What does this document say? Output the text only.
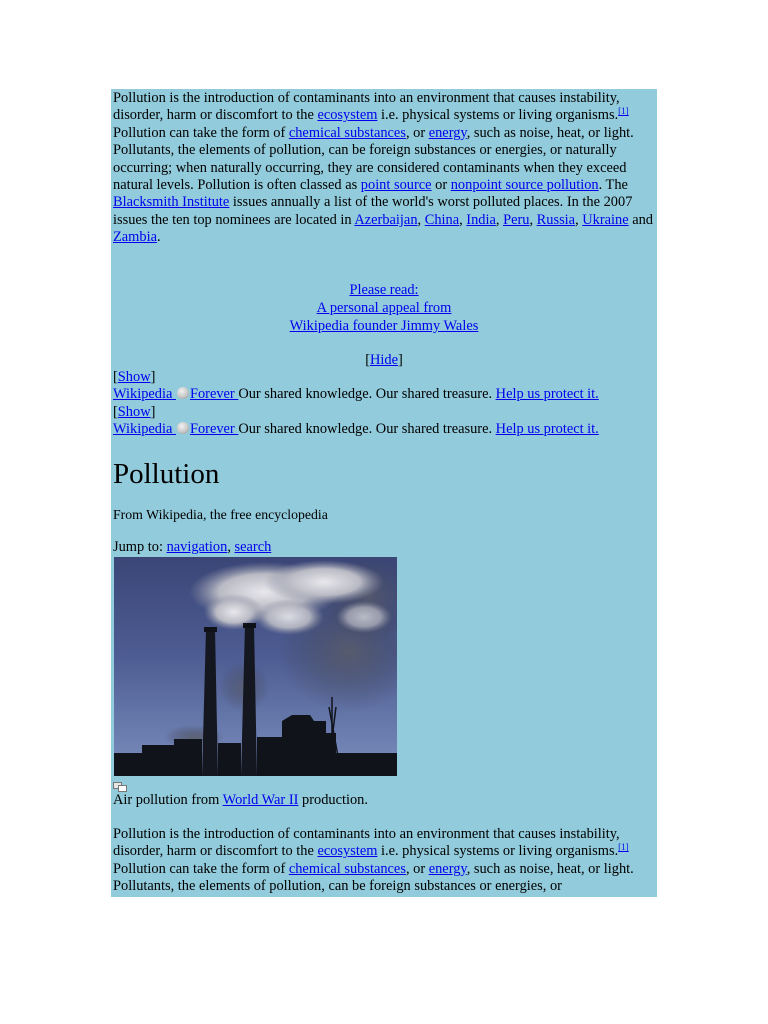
Pollution is the introduction of contaminants into an environment that causes instability, disorder, harm or discomfort to the ecosystem i.e. physical systems or living organisms.[1] Pollution can take the form of chemical substances, or energy, such as noise, heat, or light. Pollutants, the elements of pollution, can be foreign substances or energies, or naturally occurring; when naturally occurring, they are considered contaminants when they exceed natural levels. Pollution is often classed as point source or nonpoint source pollution. The Blacksmith Institute issues annually a list of the world's worst polluted places. In the 2007 issues the ten top nominees are located in Azerbaijan, China, India, Peru, Russia, Ukraine and Zambia.

Please read:
A personal appeal from
Wikipedia founder Jimmy Wales
[Hide]
[Show]
Wikipedia Forever Our shared knowledge. Our shared treasure. Help us protect it.
[Show]
Wikipedia Forever Our shared knowledge. Our shared treasure. Help us protect it.
Pollution
From Wikipedia, the free encyclopedia
Jump to: navigation, search
Air pollution from World War II production.

Pollution is the introduction of contaminants into an environment that causes instability, disorder, harm or discomfort to the ecosystem i.e. physical systems or living organisms.[1] Pollution can take the form of chemical substances, or energy, such as noise, heat, or light. Pollutants, the elements of pollution, can be foreign substances or energies, or
